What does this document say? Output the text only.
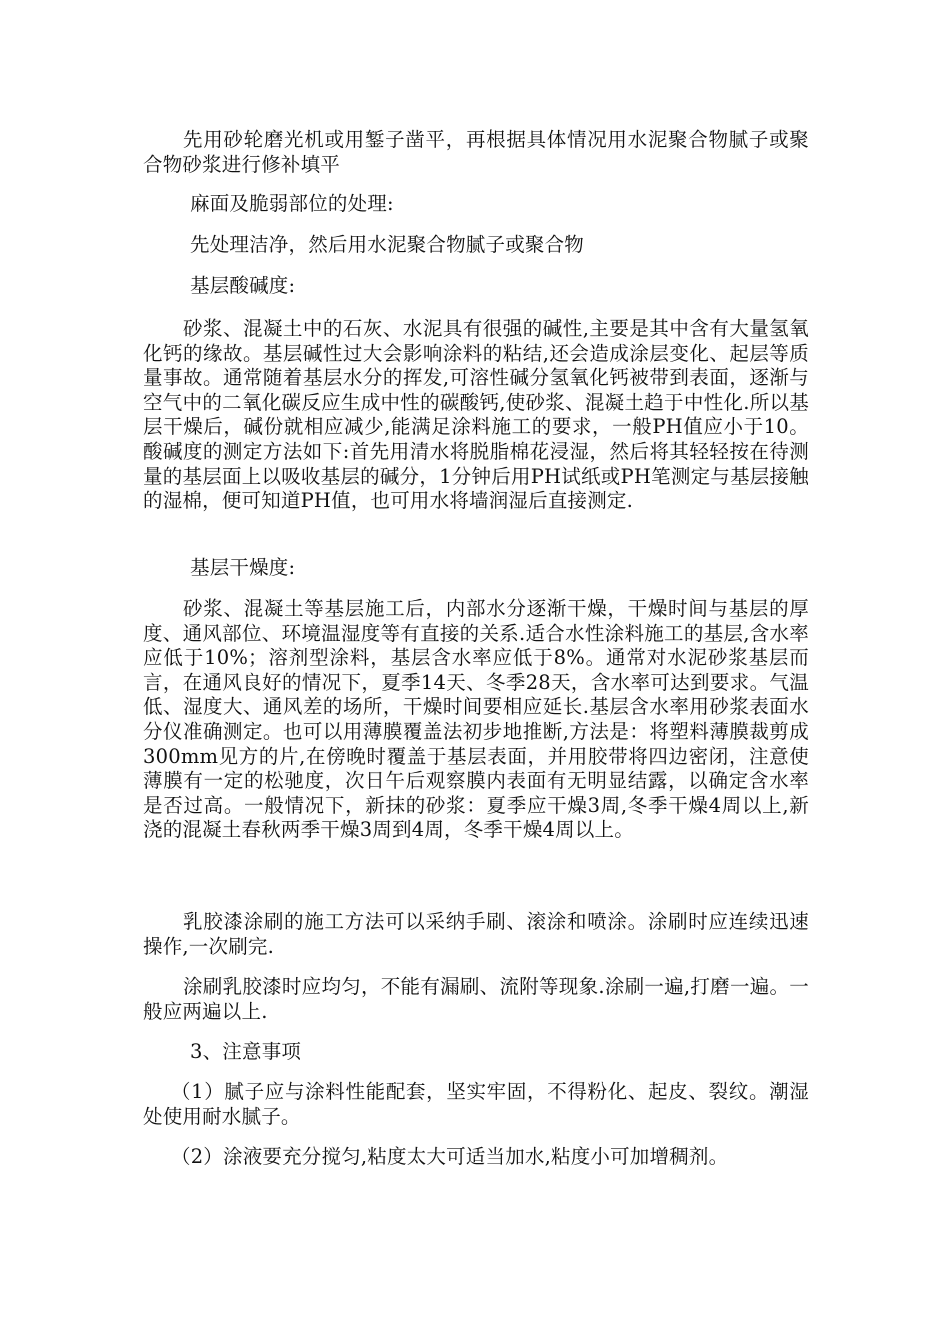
先用砂轮磨光机或用錾子凿平，再根据具体情况用水泥聚合物腻子或聚合物砂浆进行修补填平

麻面及脆弱部位的处理:

先处理洁净，然后用水泥聚合物腻子或聚合物

基层酸碱度:

砂浆、混凝土中的石灰、水泥具有很强的碱性,主要是其中含有大量氢氧化钙的缘故。基层碱性过大会影响涂料的粘结,还会造成涂层变化、起层等质量事故。通常随着基层水分的挥发,可溶性碱分氢氧化钙被带到表面，逐渐与空气中的二氧化碳反应生成中性的碳酸钙,使砂浆、混凝土趋于中性化.所以基层干燥后，碱份就相应减少,能满足涂料施工的要求，一般PH值应小于10。酸碱度的测定方法如下:首先用清水将脱脂棉花浸湿，然后将其轻轻按在待测量的基层面上以吸收基层的碱分，1分钟后用PH试纸或PH笔测定与基层接触的湿棉，便可知道PH值，也可用水将墙润湿后直接测定.

基层干燥度:

砂浆、混凝土等基层施工后，内部水分逐渐干燥，干燥时间与基层的厚度、通风部位、环境温湿度等有直接的关系.适合水性涂料施工的基层,含水率应低于10%；溶剂型涂料，基层含水率应低于8%。通常对水泥砂浆基层而言，在通风良好的情况下，夏季14天、冬季28天，含水率可达到要求。气温低、湿度大、通风差的场所，干燥时间要相应延长.基层含水率用砂浆表面水分仪准确测定。也可以用薄膜覆盖法初步地推断,方法是：将塑料薄膜裁剪成300mm见方的片,在傍晚时覆盖于基层表面，并用胶带将四边密闭，注意使薄膜有一定的松驰度，次日午后观察膜内表面有无明显结露，以确定含水率是否过高。一般情况下，新抹的砂浆：夏季应干燥3周,冬季干燥4周以上,新浇的混凝土春秋两季干燥3周到4周，冬季干燥4周以上。

乳胶漆涂刷的施工方法可以采纳手刷、滚涂和喷涂。涂刷时应连续迅速操作,一次刷完.

涂刷乳胶漆时应均匀，不能有漏刷、流附等现象.涂刷一遍,打磨一遍。一般应两遍以上.

3、注意事项

（1）腻子应与涂料性能配套，坚实牢固，不得粉化、起皮、裂纹。潮湿处使用耐水腻子。

（2）涂液要充分搅匀,粘度太大可适当加水,粘度小可加增稠剂。
